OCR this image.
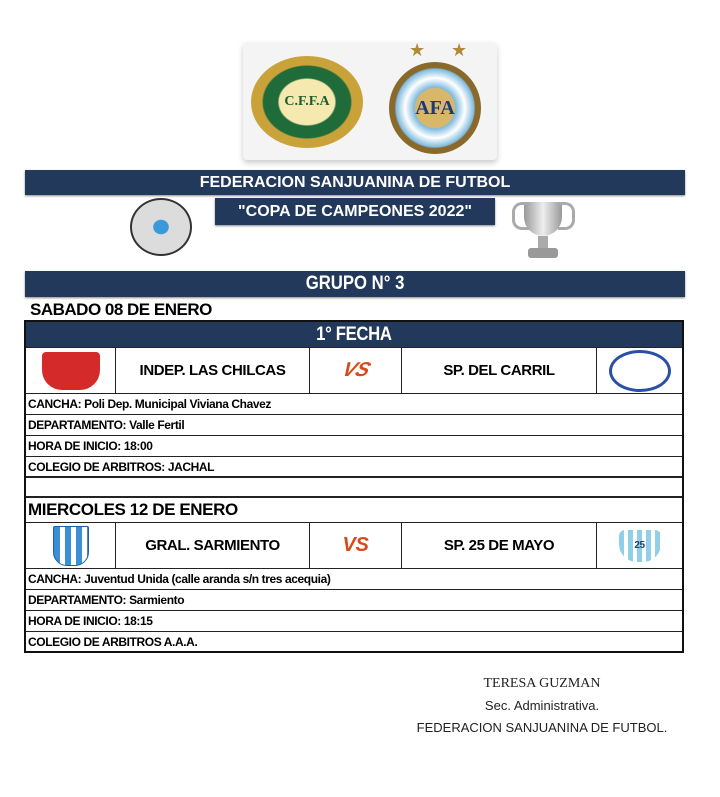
C.F.F.A	AFA
★ ★
FEDERACION SANJUANINA DE FUTBOL
"COPA DE CAMPEONES 2022"
GRUPO N° 3
SABADO 08 DE ENERO
1° FECHA
INDEP. LAS CHILCAS	VS	SP. DEL CARRIL
CANCHA: Poli Dep. Municipal Viviana Chavez
DEPARTAMENTO: Valle Fertil
HORA DE INICIO: 18:00
COLEGIO DE ARBITROS: JACHAL
MIERCOLES 12 DE ENERO
GRAL. SARMIENTO	VS	SP. 25 DE MAYO	25
CANCHA: Juventud Unida (calle aranda s/n tres acequia)
DEPARTAMENTO: Sarmiento
HORA DE INICIO: 18:15
COLEGIO DE ARBITROS A.A.A.
TERESA GUZMAN
Sec. Administrativa.
FEDERACION SANJUANINA DE FUTBOL.
